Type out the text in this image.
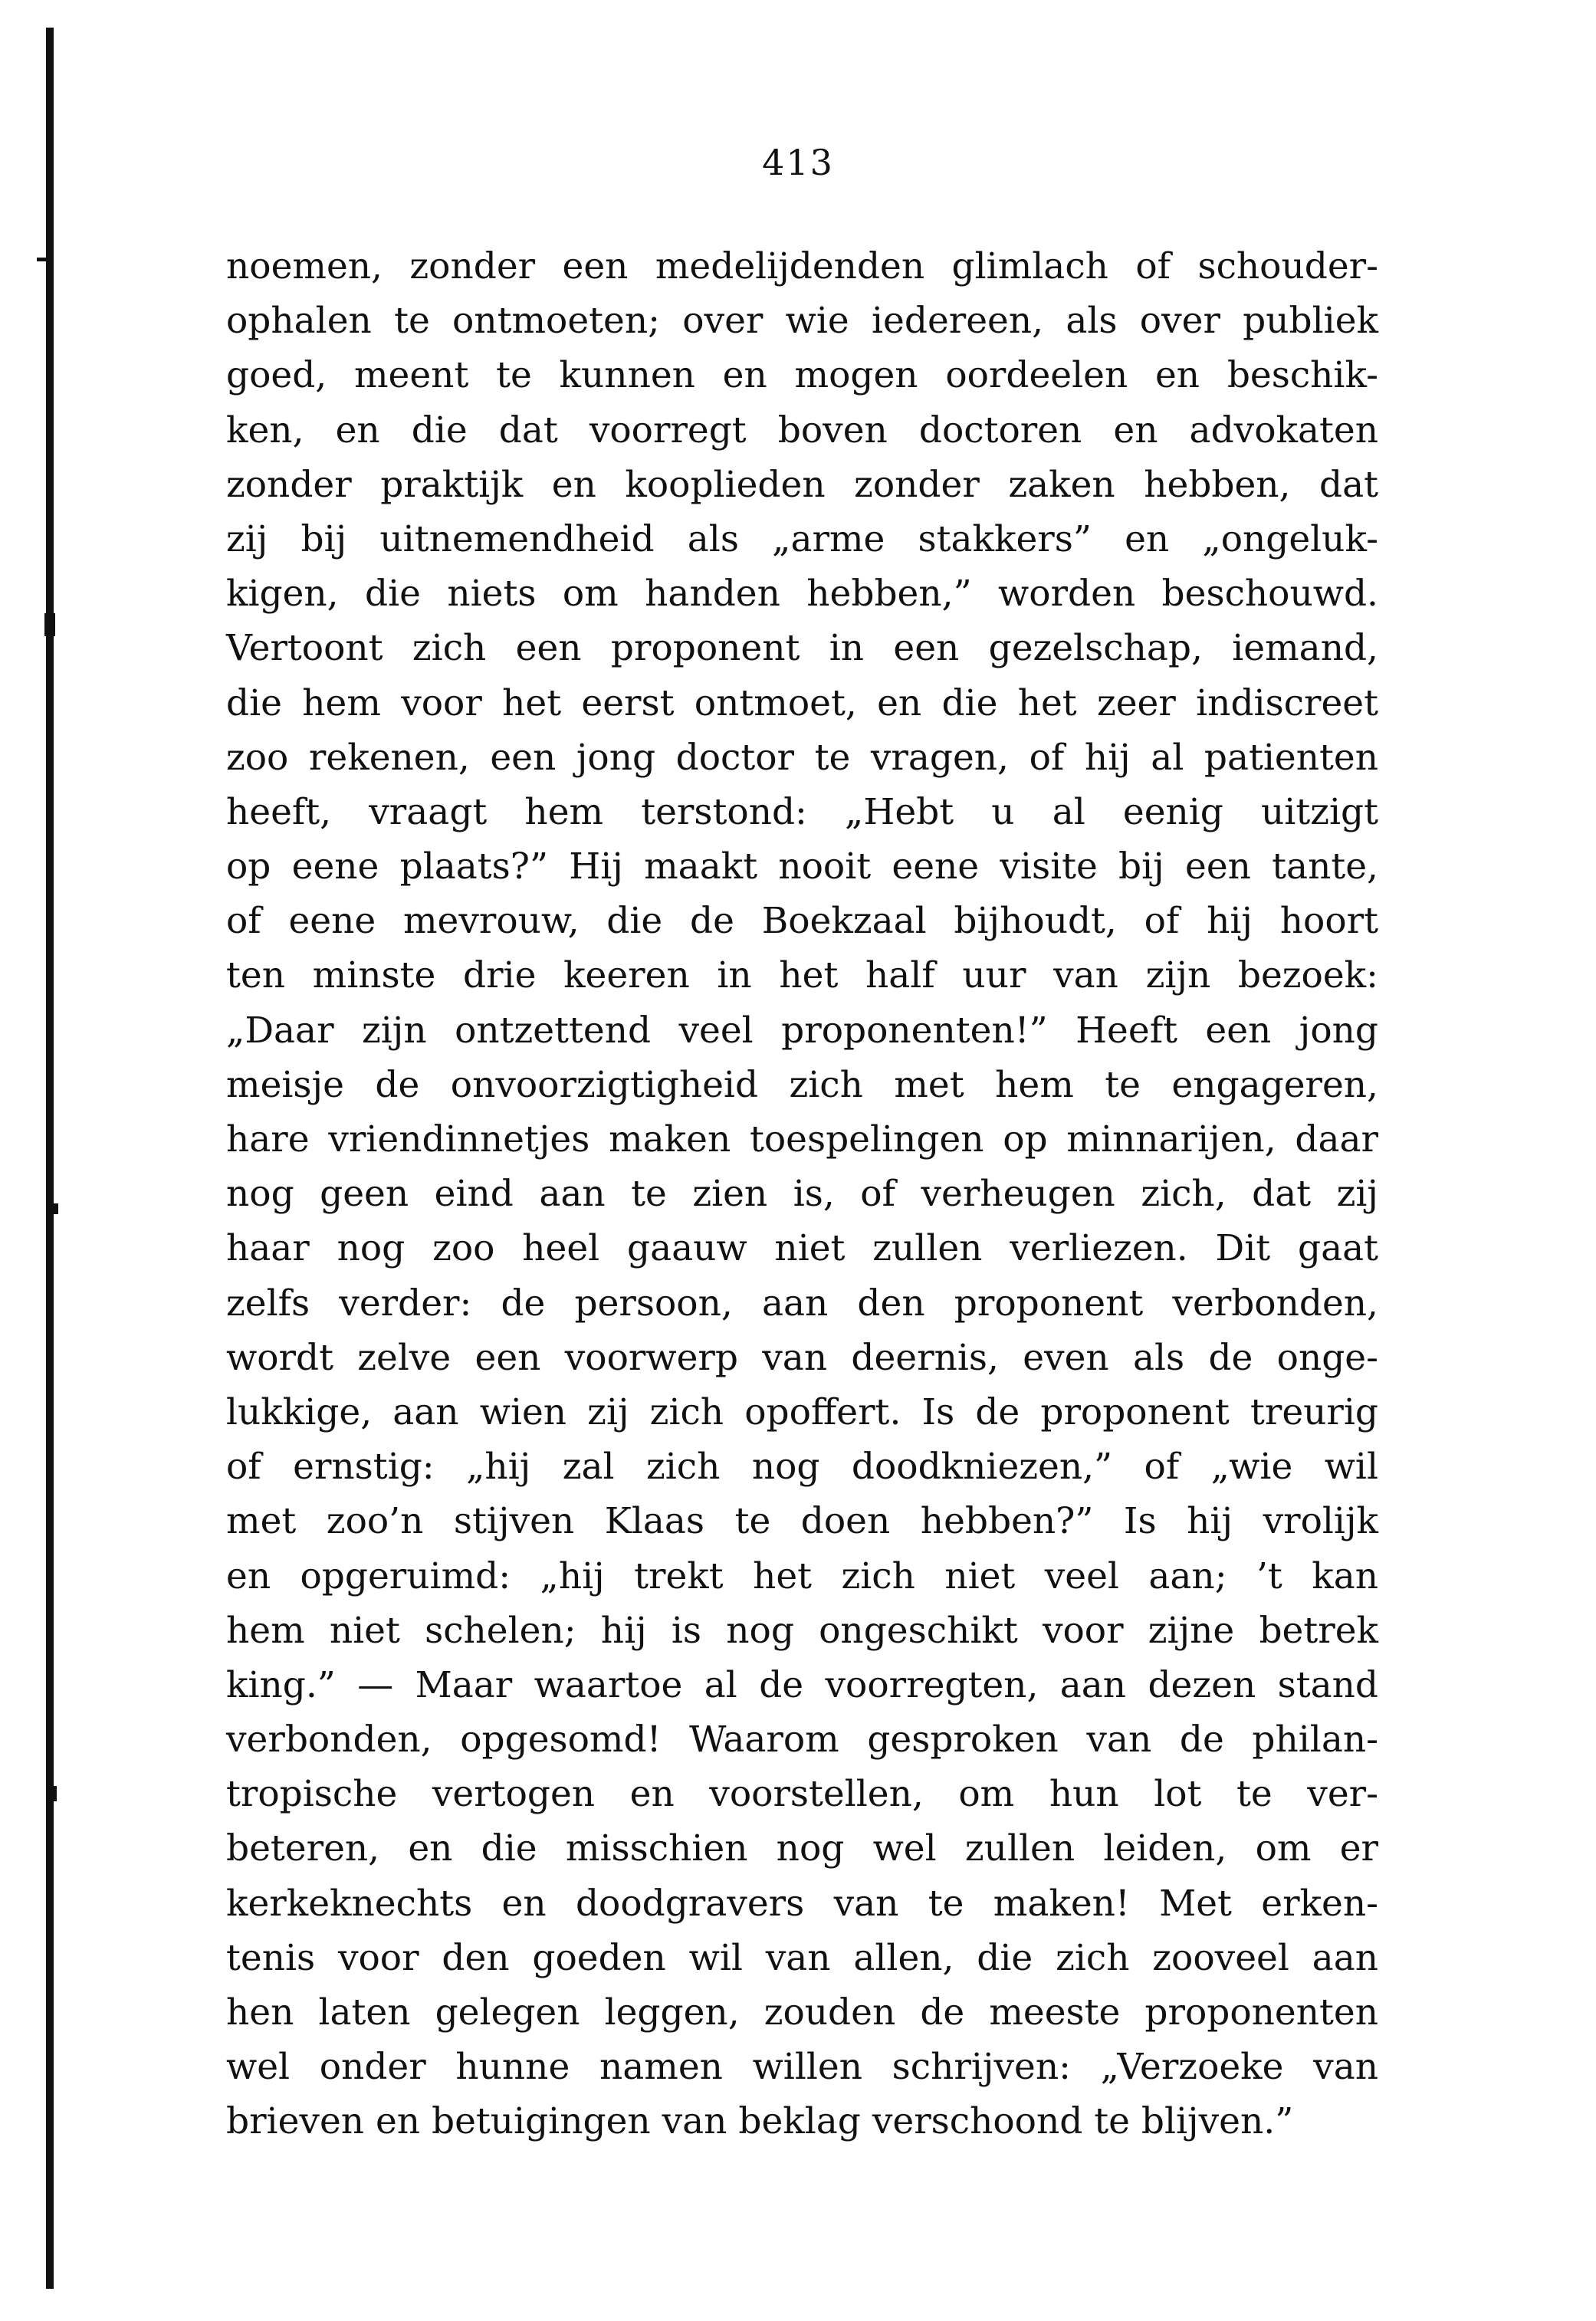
413
noemen, zonder een medelijdenden glimlach of schouder-
ophalen te ontmoeten; over wie iedereen, als over publiek
goed, meent te kunnen en mogen oordeelen en beschik-
ken, en die dat voorregt boven doctoren en advokaten
zonder praktijk en kooplieden zonder zaken hebben, dat
zij bij uitnemendheid als „arme stakkers” en „ongeluk-
kigen, die niets om handen hebben,” worden beschouwd.
Vertoont zich een proponent in een gezelschap, iemand,
die hem voor het eerst ontmoet, en die het zeer indiscreet
zoo rekenen, een jong doctor te vragen, of hij al patienten
heeft, vraagt hem terstond: „Hebt u al eenig uitzigt
op eene plaats?” Hij maakt nooit eene visite bij een tante,
of eene mevrouw, die de Boekzaal bijhoudt, of hij hoort
ten minste drie keeren in het half uur van zijn bezoek:
„Daar zijn ontzettend veel proponenten!” Heeft een jong
meisje de onvoorzigtigheid zich met hem te engageren,
hare vriendinnetjes maken toespelingen op minnarijen, daar
nog geen eind aan te zien is, of verheugen zich, dat zij
haar nog zoo heel gaauw niet zullen verliezen. Dit gaat
zelfs verder: de persoon, aan den proponent verbonden,
wordt zelve een voorwerp van deernis, even als de onge-
lukkige, aan wien zij zich opoffert. Is de proponent treurig
of ernstig: „hij zal zich nog doodkniezen,” of „wie wil
met zoo’n stijven Klaas te doen hebben?” Is hij vrolijk
en opgeruimd: „hij trekt het zich niet veel aan; ’t kan
hem niet schelen; hij is nog ongeschikt voor zijne betrek
king.” — Maar waartoe al de voorregten, aan dezen stand
verbonden, opgesomd! Waarom gesproken van de philan-
tropische vertogen en voorstellen, om hun lot te ver-
beteren, en die misschien nog wel zullen leiden, om er
kerkeknechts en doodgravers van te maken! Met erken-
tenis voor den goeden wil van allen, die zich zooveel aan
hen laten gelegen leggen, zouden de meeste proponenten
wel onder hunne namen willen schrijven: „Verzoeke van
brieven en betuigingen van beklag verschoond te blijven.”
